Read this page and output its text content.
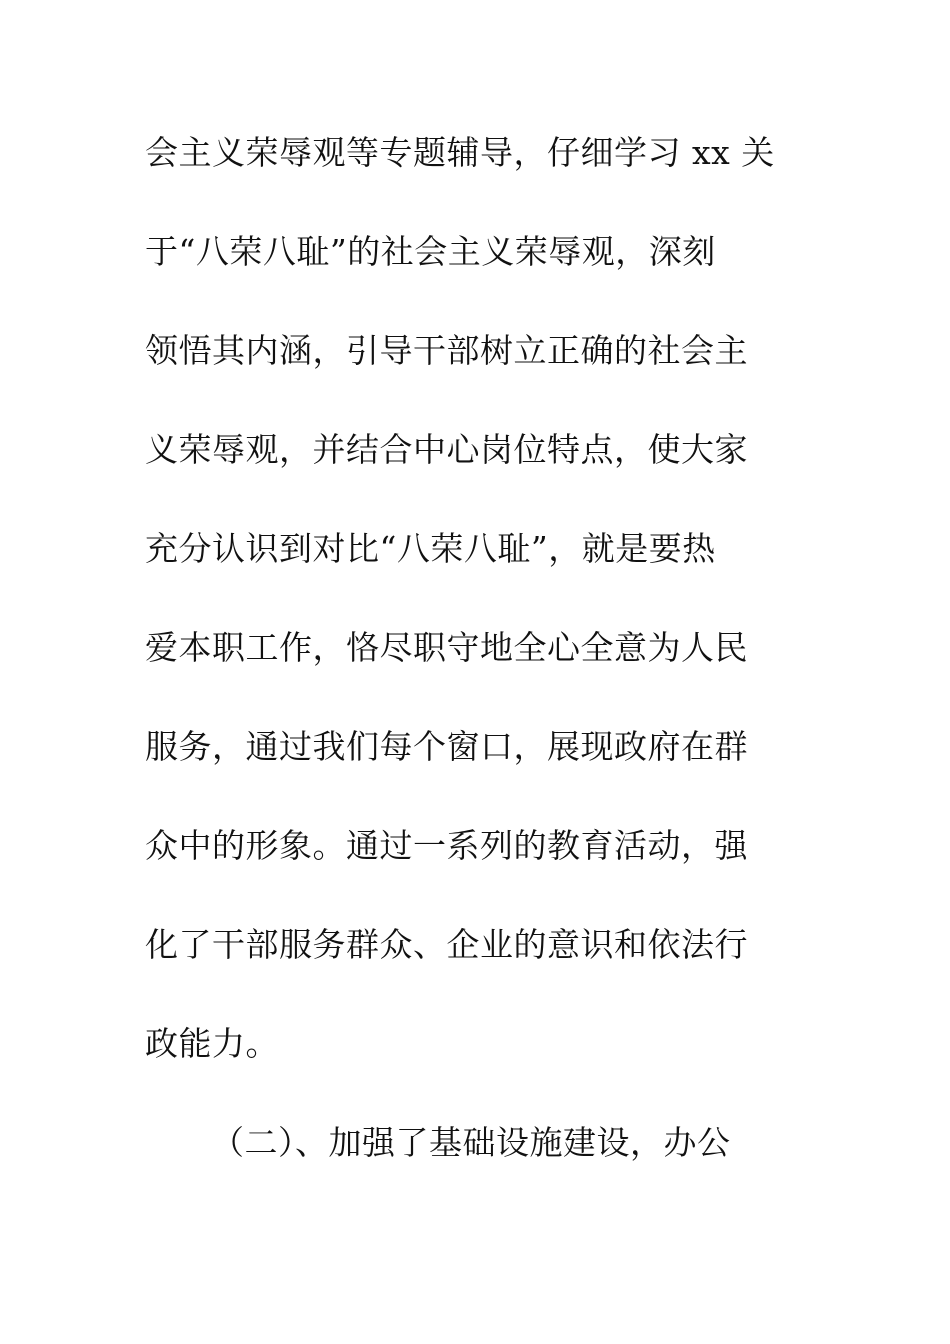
会主义荣辱观等专题辅导，仔细学习 xx 关
于“八荣八耻”的社会主义荣辱观，深刻
领悟其内涵，引导干部树立正确的社会主
义荣辱观，并结合中心岗位特点，使大家
充分认识到对比“八荣八耻”，就是要热
爱本职工作，恪尽职守地全心全意为人民
服务，通过我们每个窗口，展现政府在群
众中的形象。通过一系列的教育活动，强
化了干部服务群众、企业的意识和依法行
政能力。
（二）、加强了基础设施建设，办公
